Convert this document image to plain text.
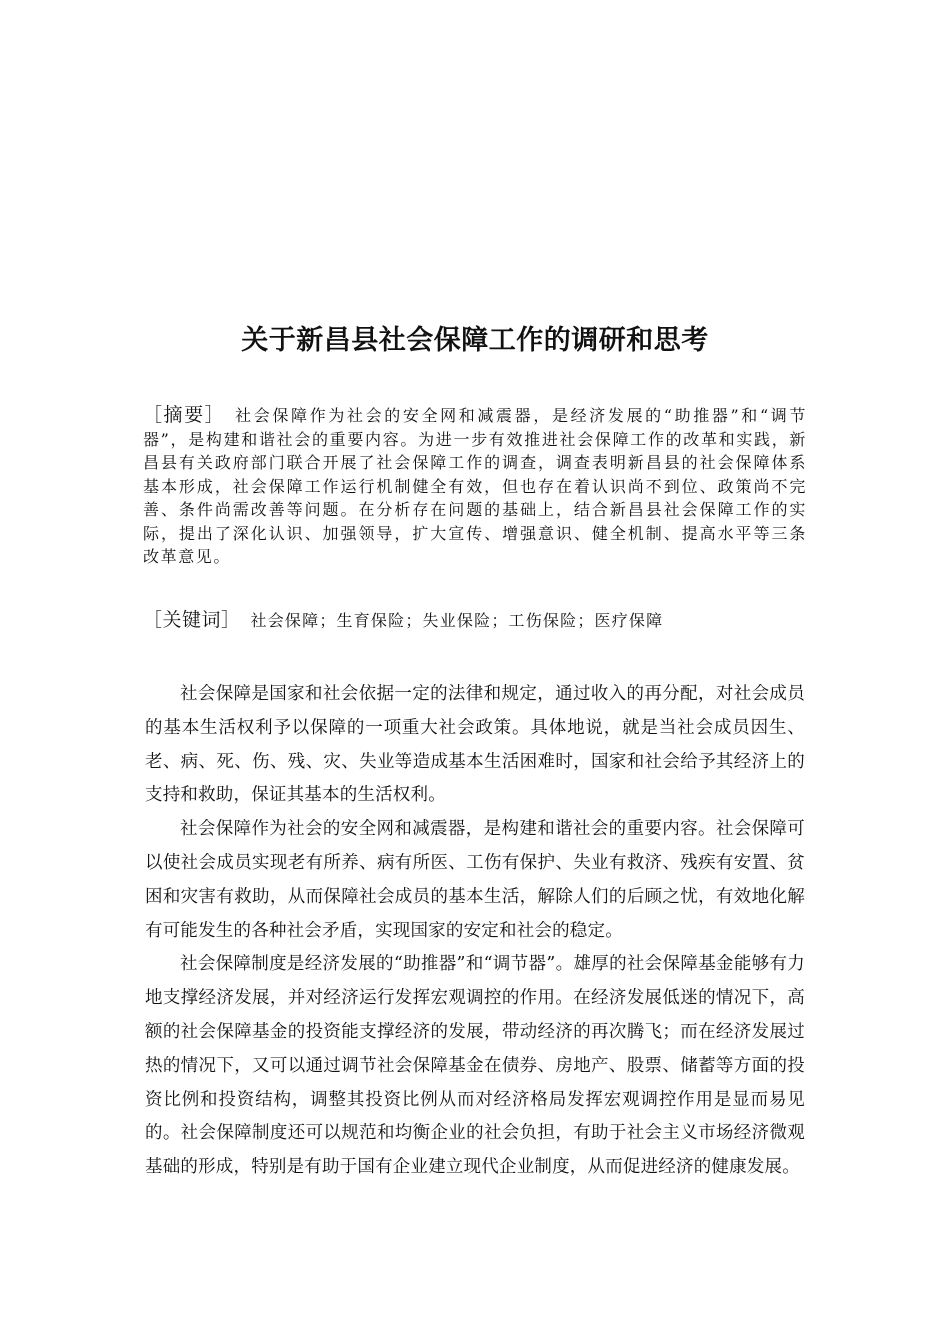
关于新昌县社会保障工作的调研和思考

［摘要］ 社会保障作为社会的安全网和减震器，是经济发展的“助推器”和“调节器”，是构建和谐社会的重要内容。为进一步有效推进社会保障工作的改革和实践，新昌县有关政府部门联合开展了社会保障工作的调查，调查表明新昌县的社会保障体系基本形成，社会保障工作运行机制健全有效，但也存在着认识尚不到位、政策尚不完善、条件尚需改善等问题。在分析存在问题的基础上，结合新昌县社会保障工作的实际，提出了深化认识、加强领导，扩大宣传、增强意识、健全机制、提高水平等三条改革意见。

［关键词］ 社会保障；生育保险；失业保险；工伤保险；医疗保障

社会保障是国家和社会依据一定的法律和规定，通过收入的再分配，对社会成员的基本生活权利予以保障的一项重大社会政策。具体地说，就是当社会成员因生、老、病、死、伤、残、灾、失业等造成基本生活困难时，国家和社会给予其经济上的支持和救助，保证其基本的生活权利。

社会保障作为社会的安全网和减震器，是构建和谐社会的重要内容。社会保障可以使社会成员实现老有所养、病有所医、工伤有保护、失业有救济、残疾有安置、贫困和灾害有救助，从而保障社会成员的基本生活，解除人们的后顾之忧，有效地化解有可能发生的各种社会矛盾，实现国家的安定和社会的稳定。

社会保障制度是经济发展的“助推器”和“调节器”。雄厚的社会保障基金能够有力地支撑经济发展，并对经济运行发挥宏观调控的作用。在经济发展低迷的情况下，高额的社会保障基金的投资能支撑经济的发展，带动经济的再次腾飞；而在经济发展过热的情况下，又可以通过调节社会保障基金在债券、房地产、股票、储蓄等方面的投资比例和投资结构，调整其投资比例从而对经济格局发挥宏观调控作用是显而易见的。社会保障制度还可以规范和均衡企业的社会负担，有助于社会主义市场经济微观基础的形成，特别是有助于国有企业建立现代企业制度，从而促进经济的健康发展。
